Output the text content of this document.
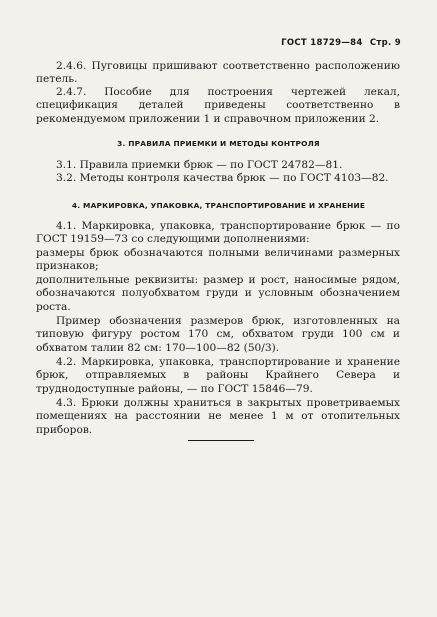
ГОСТ 18729—84 Стр. 9

2.4.6. Пуговицы пришивают соответственно расположению петель.

2.4.7. Пособие для построения чертежей лекал, спецификация деталей приведены соответственно в рекомендуемом приложении 1 и справочном приложении 2.

3. ПРАВИЛА ПРИЕМКИ И МЕТОДЫ КОНТРОЛЯ

3.1. Правила приемки брюк — по ГОСТ 24782—81.

3.2. Методы контроля качества брюк — по ГОСТ 4103—82.

4. МАРКИРОВКА, УПАКОВКА, ТРАНСПОРТИРОВАНИЕ И ХРАНЕНИЕ

4.1. Маркировка, упаковка, транспортирование брюк — по ГОСТ 19159—73 со следующими дополнениями:

размеры брюк обозначаются полными величинами размерных признаков;

дополнительные реквизиты: размер и рост, наносимые рядом, обозначаются полуобхватом груди и условным обозначением роста.

Пример обозначения размеров брюк, изготовленных на типовую фигуру ростом 170 см, обхватом груди 100 см и обхватом талии 82 см: 170—100—82 (50/3).

4.2. Маркировка, упаковка, транспортирование и хранение брюк, отправляемых в районы Крайнего Севера и труднодоступные районы, — по ГОСТ 15846—79.

4.3. Брюки должны храниться в закрытых проветриваемых помещениях на расстоянии не менее 1 м от отопительных приборов.
